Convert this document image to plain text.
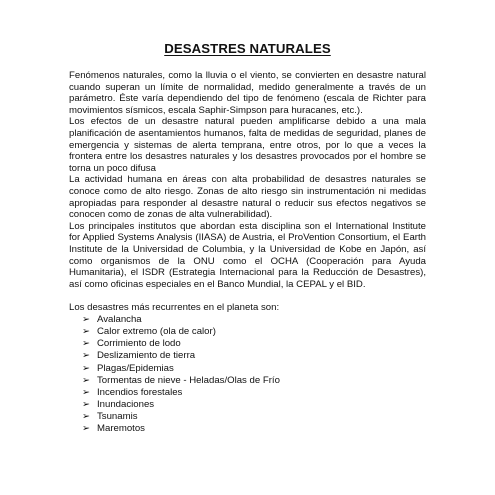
DESASTRES NATURALES

Fenómenos naturales, como la lluvia o el viento, se convierten en desastre natural cuando superan un límite de normalidad, medido generalmente a través de un parámetro. Éste varía dependiendo del tipo de fenómeno (escala de Richter para movimientos sísmicos, escala Saphir-Simpson para huracanes, etc.).

Los efectos de un desastre natural pueden amplificarse debido a una mala planificación de asentamientos humanos, falta de medidas de seguridad, planes de emergencia y sistemas de alerta temprana, entre otros, por lo que a veces la frontera entre los desastres naturales y los desastres provocados por el hombre se torna un poco difusa

La actividad humana en áreas con alta probabilidad de desastres naturales se conoce como de alto riesgo. Zonas de alto riesgo sin instrumentación ni medidas apropiadas para responder al desastre natural o reducir sus efectos negativos se conocen como de zonas de alta vulnerabilidad).

Los principales institutos que abordan esta disciplina son el International Institute for Applied Systems Analysis (IIASA) de Austria, el ProVention Consortium, el Earth Institute de la Universidad de Columbia, y la Universidad de Kobe en Japón, así como organismos de la ONU como el OCHA (Cooperación para Ayuda Humanitaria), el ISDR (Estrategia Internacional para la Reducción de Desastres), así como oficinas especiales en el Banco Mundial, la CEPAL y el BID.

Los desastres más recurrentes en el planeta son:

➢ Avalancha
➢ Calor extremo (ola de calor)
➢ Corrimiento de lodo
➢ Deslizamiento de tierra
➢ Plagas/Epidemias
➢ Tormentas de nieve - Heladas/Olas de Frío
➢ Incendios forestales
➢ Inundaciones
➢ Tsunamis
➢ Maremotos
